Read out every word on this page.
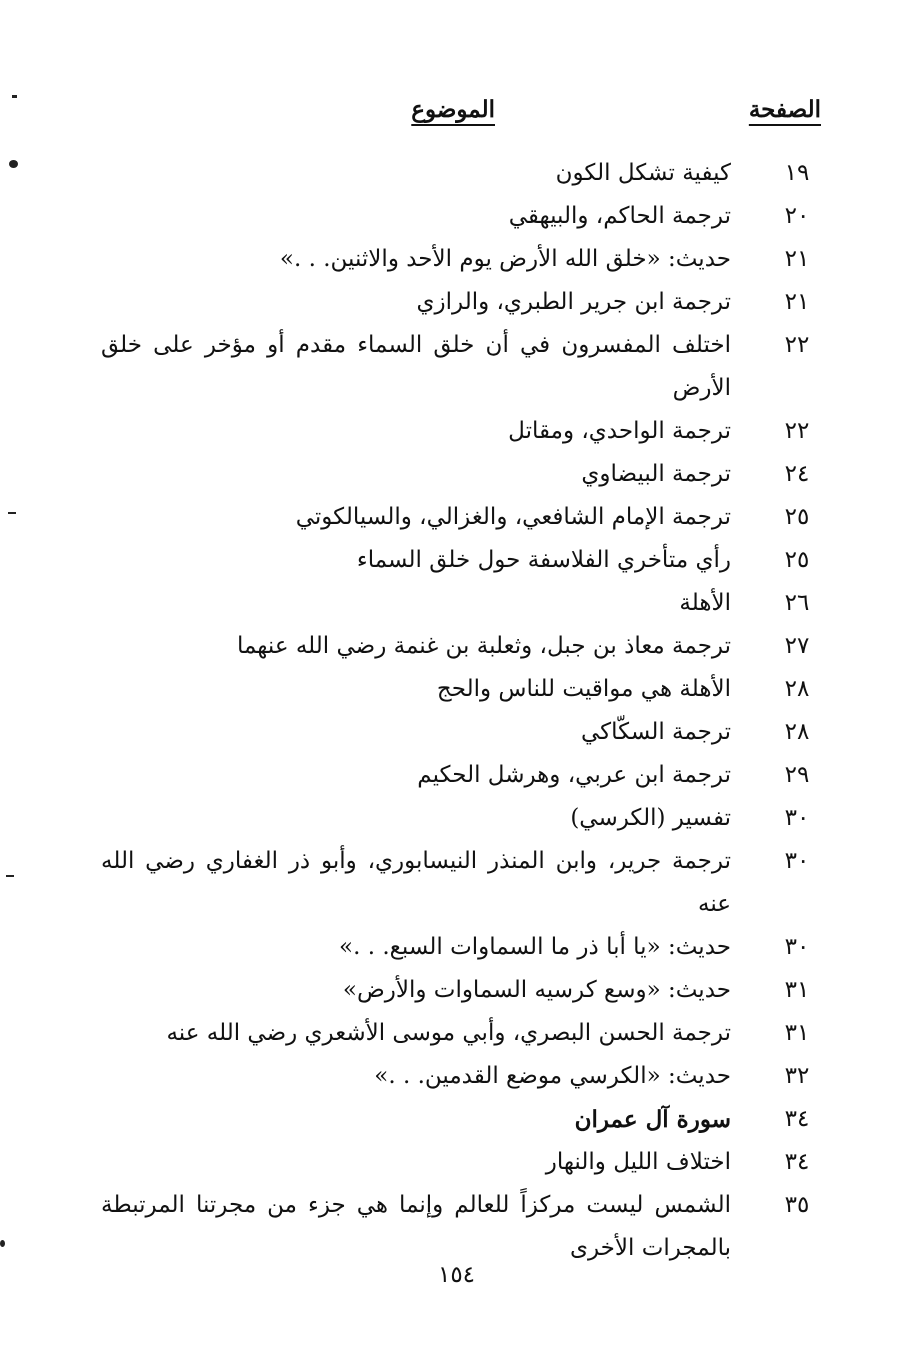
الصفحة
الموضوع
١٩
كيفية تشكل الكون
٢٠
ترجمة الحاكم، والبيهقي
٢١
حديث: «خلق الله الأرض يوم الأحد والاثنين. . .»
٢١
ترجمة ابن جرير الطبري، والرازي
٢٢
اختلف المفسرون في أن خلق السماء مقدم أو مؤخر على خلق الأرض
٢٢
ترجمة الواحدي، ومقاتل
٢٤
ترجمة البيضاوي
٢٥
ترجمة الإمام الشافعي، والغزالي، والسيالكوتي
٢٥
رأي متأخري الفلاسفة حول خلق السماء
٢٦
الأهلة
٢٧
ترجمة معاذ بن جبل، وثعلبة بن غنمة رضي الله عنهما
٢٨
الأهلة هي مواقيت للناس والحج
٢٨
ترجمة السكّاكي
٢٩
ترجمة ابن عربي، وهرشل الحكيم
٣٠
تفسير (الكرسي)
٣٠
ترجمة جرير، وابن المنذر النيسابوري، وأبو ذر الغفاري رضي الله عنه
٣٠
حديث: «يا أبا ذر ما السماوات السبع. . .»
٣١
حديث: «وسع كرسيه السماوات والأرض»
٣١
ترجمة الحسن البصري، وأبي موسى الأشعري رضي الله عنه
٣٢
حديث: «الكرسي موضع القدمين. . .»
٣٤
سورة آل عمران
٣٤
اختلاف الليل والنهار
٣٥
الشمس ليست مركزاً للعالم وإنما هي جزء من مجرتنا المرتبطة بالمجرات الأخرى
١٥٤
